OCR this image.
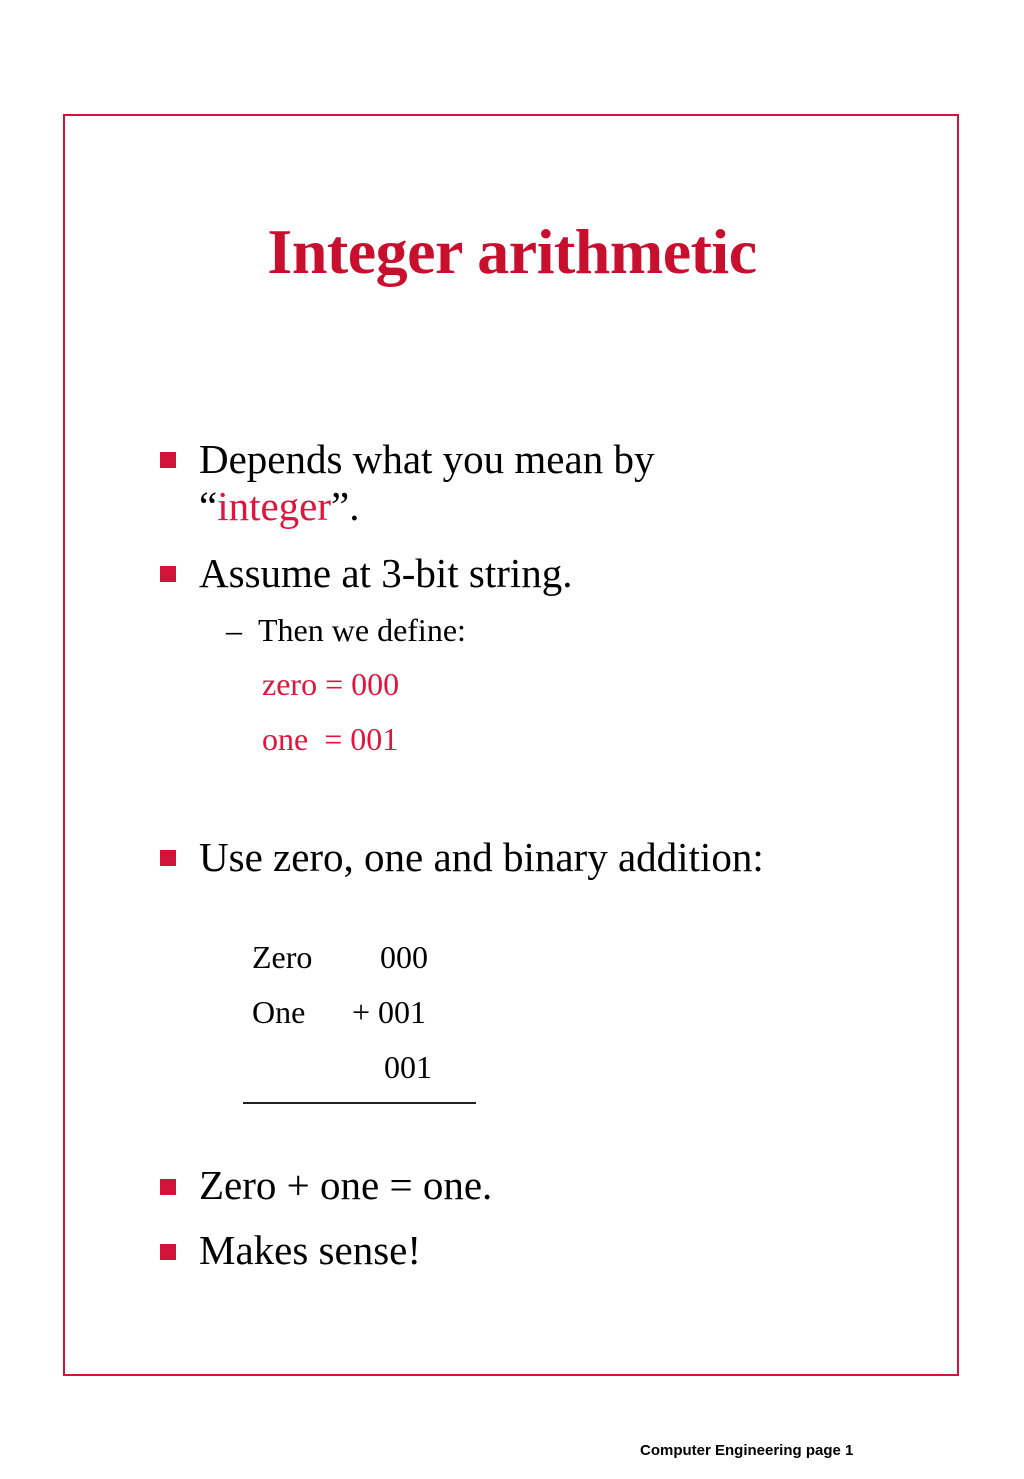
Integer arithmetic
Depends what you mean by
“integer”.
Assume at 3-bit string.
– Then we define:
zero = 000
one  = 001
Use zero, one and binary addition:
Zero 000
One + 001
001
Zero + one = one.
Makes sense!
Computer Engineering page 1
